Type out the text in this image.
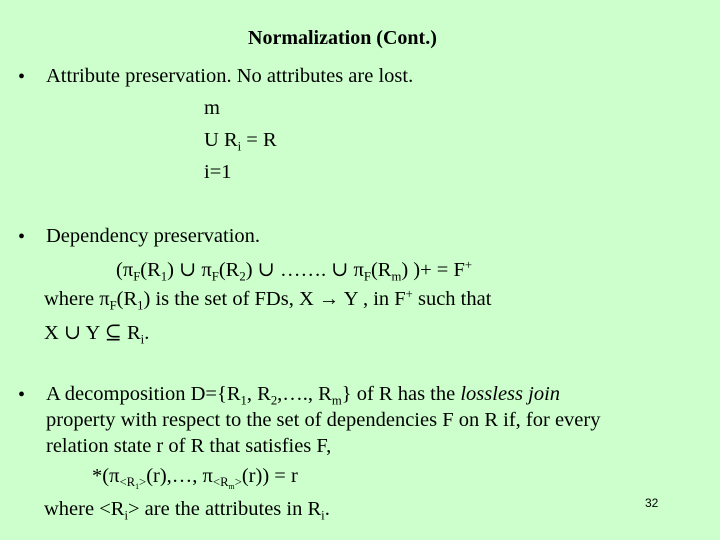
Normalization (Cont.)
• Attribute preservation. No attributes are lost.
m
U $R_i = R$
i=1
• Dependency preservation.
($\pi_F(R_1)$ ∪ $\pi_F(R_2)$ ∪ ……. ∪ $\pi_F(R_m)$ )+ = F+
where $\pi_F(R_1)$ is the set of FDs, X → Y , in F+ such that
X ∪ Y ⊆ $R_i$.
• A decomposition $D=\{R_1$, $R_2,\dots$., $R_m$} of R has the lossless join
property with respect to the set of dependencies F on R if, for every
relation state r of R that satisfies F,
$*(\pi_{<R_1>}(r),\dots$, $\pi_{<R_m>}(r)) = r$
where $<R_i>$ are the attributes in $R_i$.	32
